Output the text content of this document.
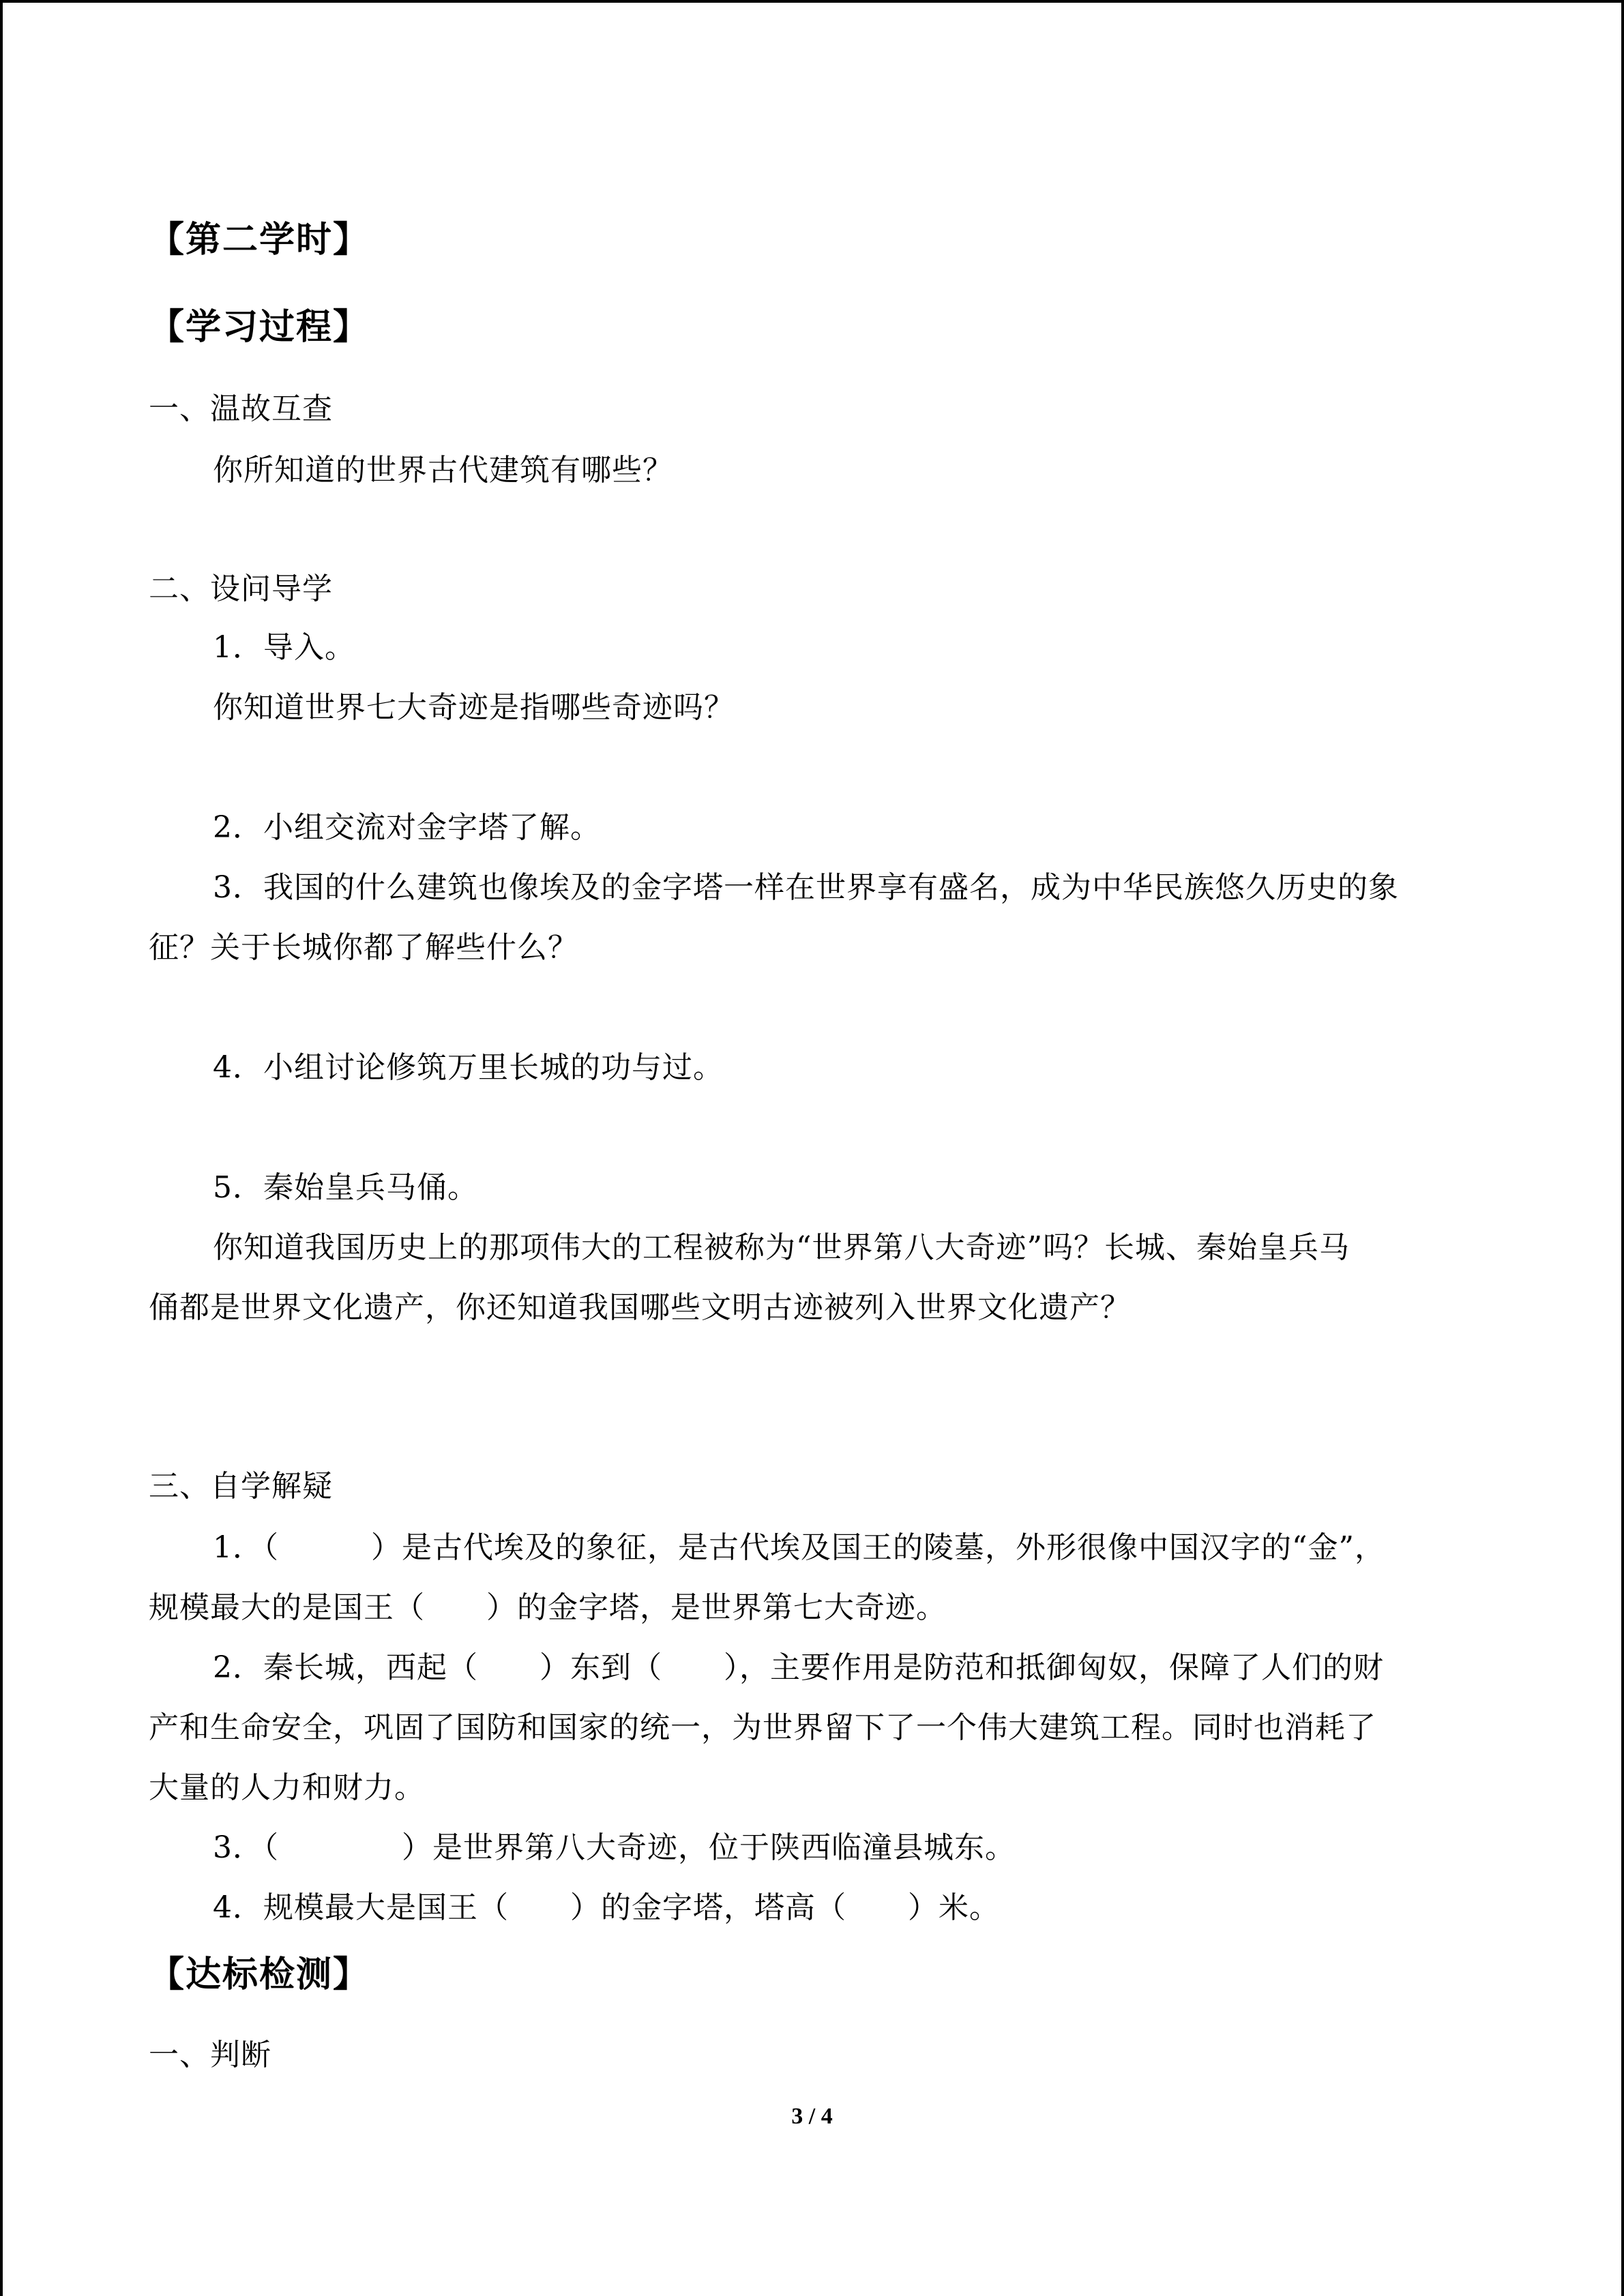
【第二学时】
【学习过程】
一、温故互查
你所知道的世界古代建筑有哪些？
二、设问导学
1．导入。
你知道世界七大奇迹是指哪些奇迹吗？
2．小组交流对金字塔了解。
3．我国的什么建筑也像埃及的金字塔一样在世界享有盛名，成为中华民族悠久历史的象
征？关于长城你都了解些什么？
4．小组讨论修筑万里长城的功与过。
5．秦始皇兵马俑。
你知道我国历史上的那项伟大的工程被称为“世界第八大奇迹”吗？长城、秦始皇兵马
俑都是世界文化遗产，你还知道我国哪些文明古迹被列入世界文化遗产？
三、自学解疑
1．（　　　）是古代埃及的象征，是古代埃及国王的陵墓，外形很像中国汉字的“金”，
规模最大的是国王（　　）的金字塔，是世界第七大奇迹。
2．秦长城，西起（　　）东到（　　），主要作用是防范和抵御匈奴，保障了人们的财
产和生命安全，巩固了国防和国家的统一，为世界留下了一个伟大建筑工程。同时也消耗了
大量的人力和财力。
3．（　　　　）是世界第八大奇迹，位于陕西临潼县城东。
4．规模最大是国王（　　）的金字塔，塔高（　　）米。
【达标检测】
一、判断
3 / 4
